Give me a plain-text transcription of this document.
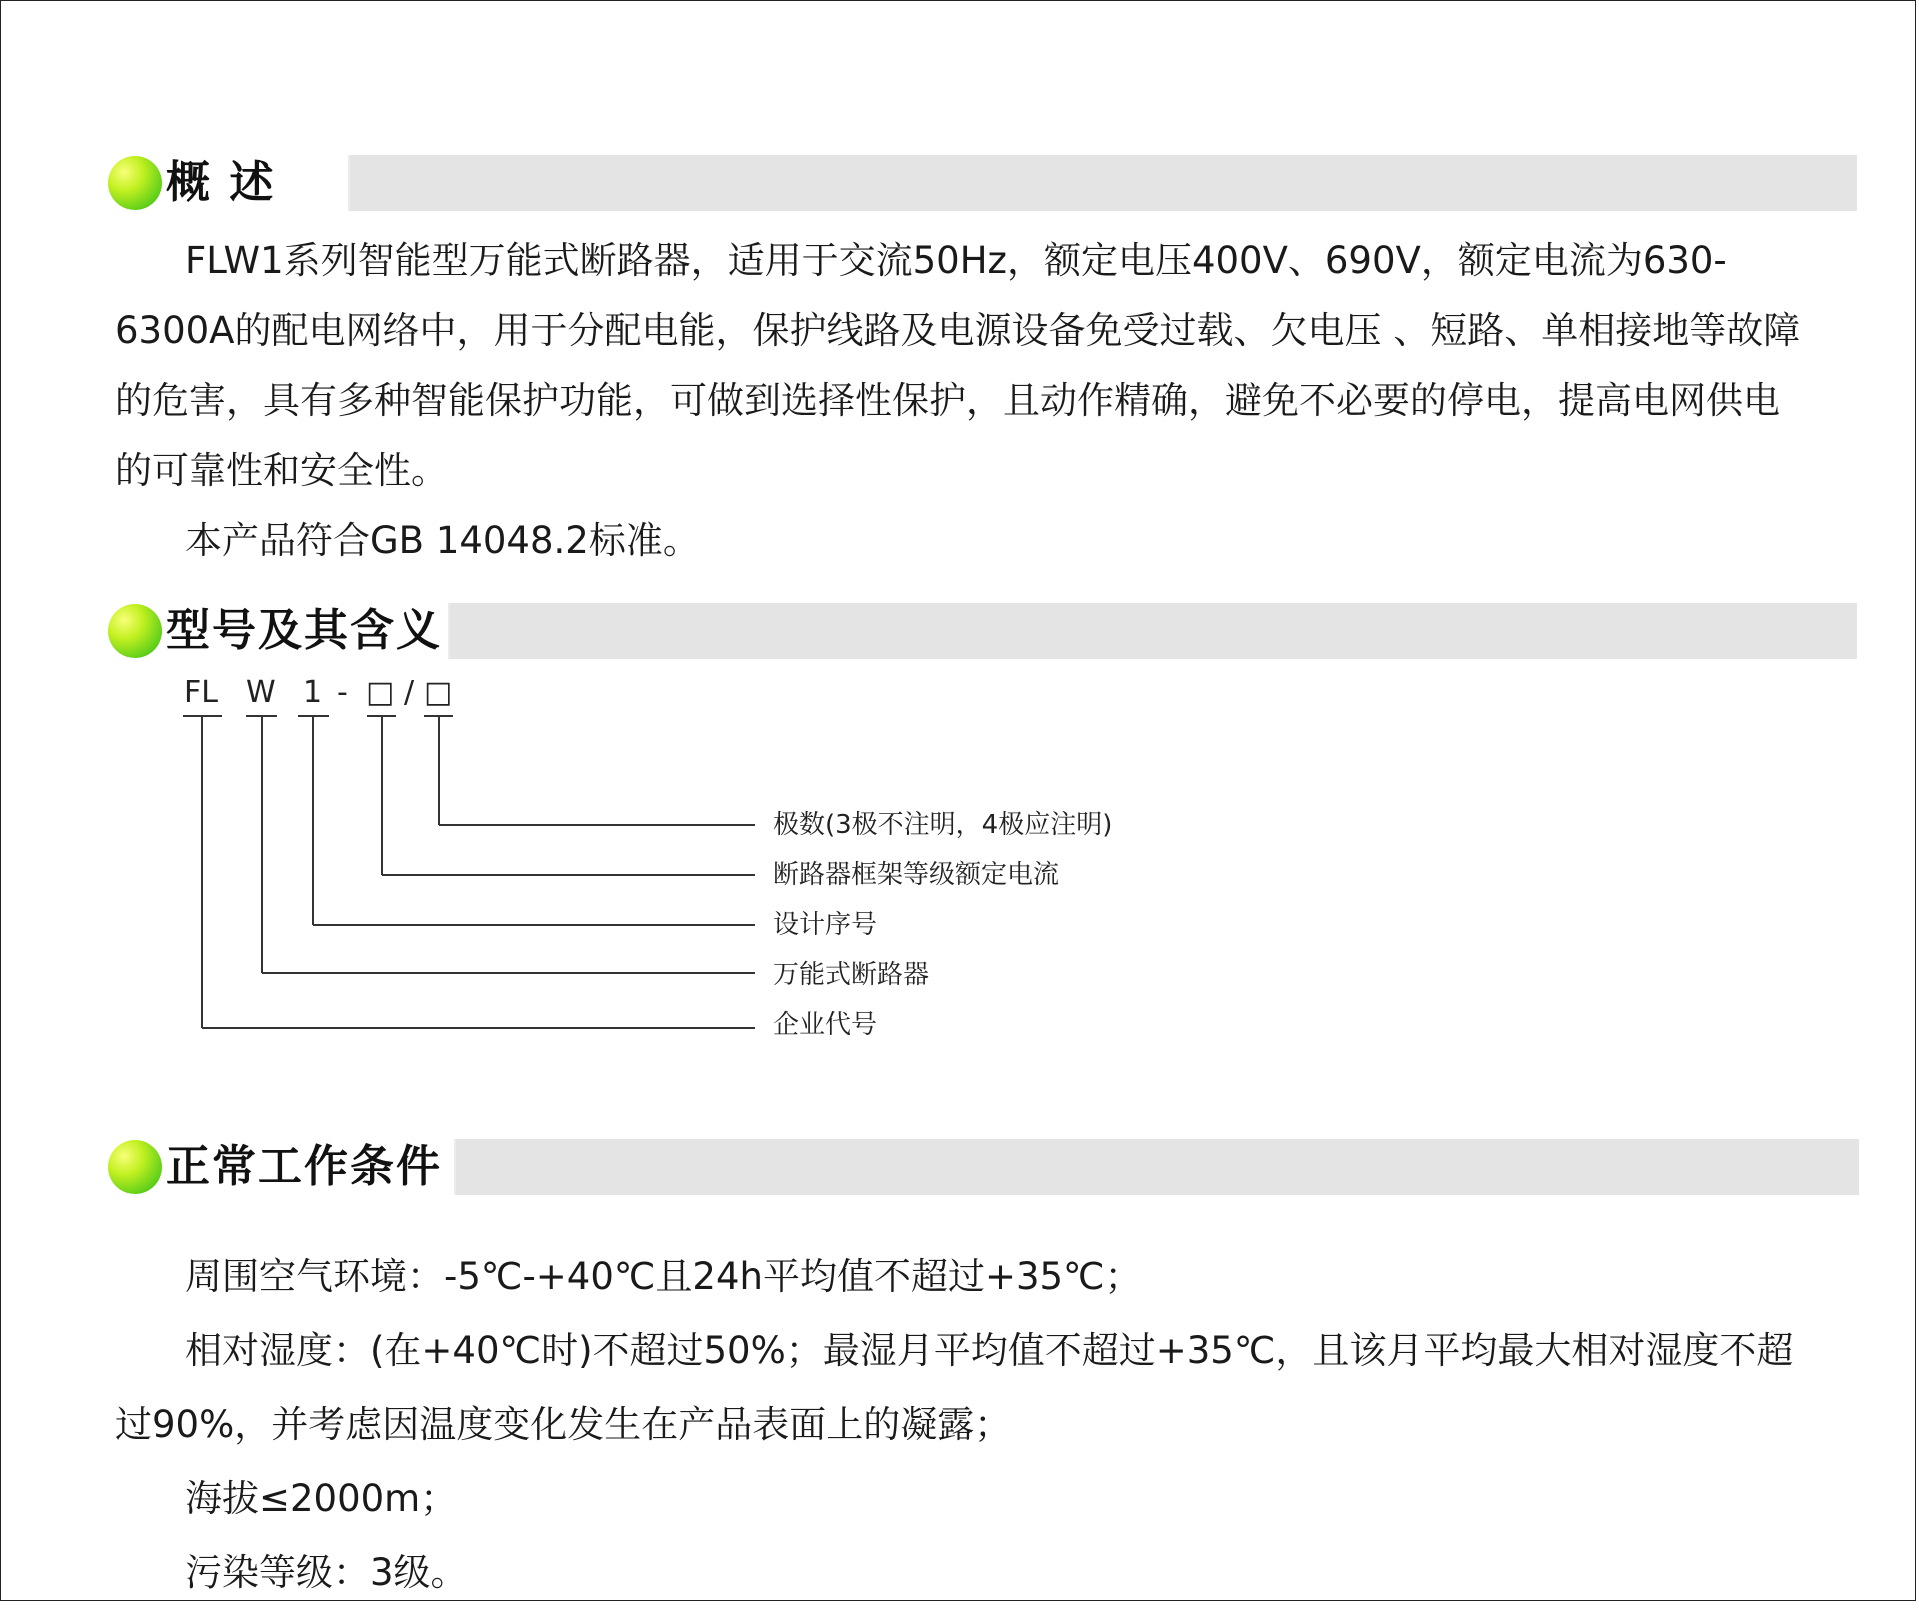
概 述

FLW1系列智能型万能式断路器，适用于交流50Hz，额定电压400V、690V，额定电流为630-6300A的配电网络中，用于分配电能，保护线路及电源设备免受过载、欠电压 、短路、单相接地等故障的危害，具有多种智能保护功能，可做到选择性保护，且动作精确，避免不必要的停电，提高电网供电的可靠性和安全性。

本产品符合GB 14048.2标准。

型号及其含义
FL W 1 - □ / □
极数(3极不注明，4极应注明)
断路器框架等级额定电流
设计序号
万能式断路器
企业代号
正常工作条件

周围空气环境：-5℃-+40℃且24h平均值不超过+35℃；

相对湿度：(在+40℃时)不超过50%；最湿月平均值不超过+35℃，且该月平均最大相对湿度不超过90%，并考虑因温度变化发生在产品表面上的凝露；

海拔≤2000m；

污染等级：3级。
